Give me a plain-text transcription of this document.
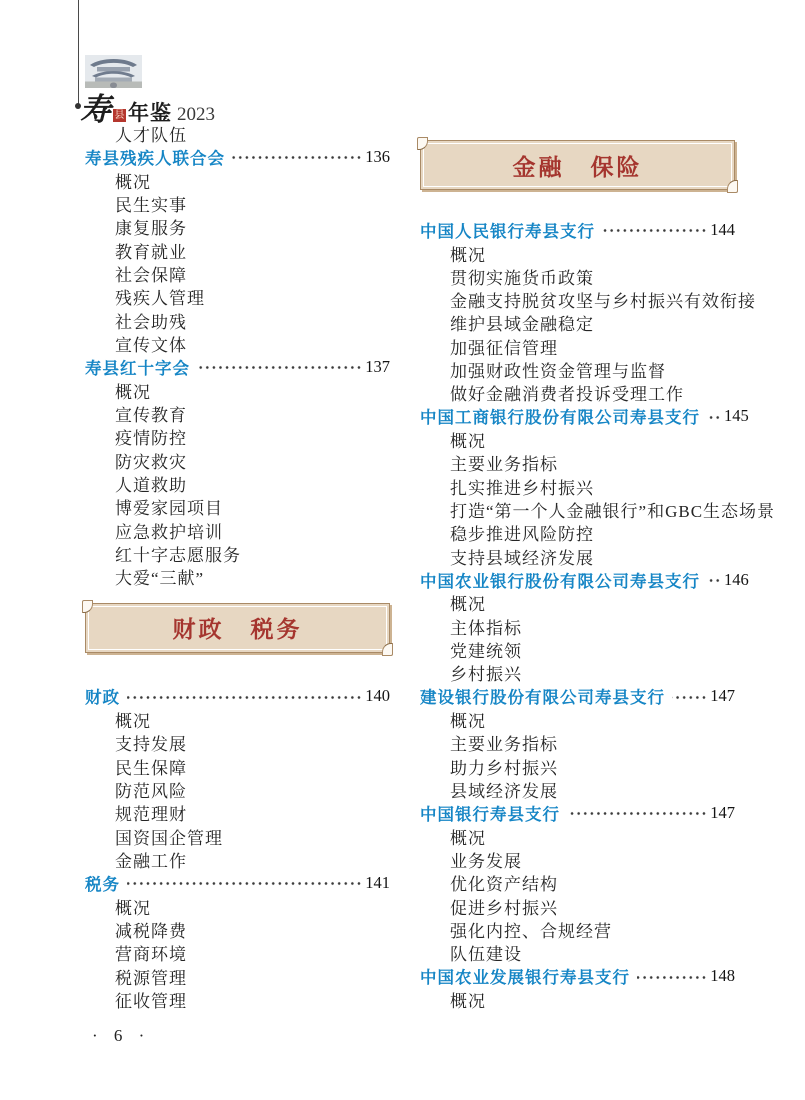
寿 县 年鉴 2023
人才队伍
寿县残疾人联合会	136
概况
民生实事
康复服务
教育就业
社会保障
残疾人管理
社会助残
宣传文体
寿县红十字会	137
概况
宣传教育
疫情防控
防灾救灾
人道救助
博爱家园项目
应急救护培训
红十字志愿服务
大爱“三献”
财政　税务
财政	140
概况
支持发展
民生保障
防范风险
规范理财
国资国企管理
金融工作
税务	141
概况
减税降费
营商环境
税源管理
征收管理
金融　保险
中国人民银行寿县支行	144
概况
贯彻实施货币政策
金融支持脱贫攻坚与乡村振兴有效衔接
维护县域金融稳定
加强征信管理
加强财政性资金管理与监督
做好金融消费者投诉受理工作
中国工商银行股份有限公司寿县支行 145
概况
主要业务指标
扎实推进乡村振兴
打造“第一个人金融银行”和GBC生态场景
稳步推进风险防控
支持县域经济发展
中国农业银行股份有限公司寿县支行 146
概况
主体指标
党建统领
乡村振兴
建设银行股份有限公司寿县支行	147
概况
主要业务指标
助力乡村振兴
县域经济发展
中国银行寿县支行	147
概况
业务发展
优化资产结构
促进乡村振兴
强化内控、合规经营
队伍建设
中国农业发展银行寿县支行	148
概况
· 6 ·
